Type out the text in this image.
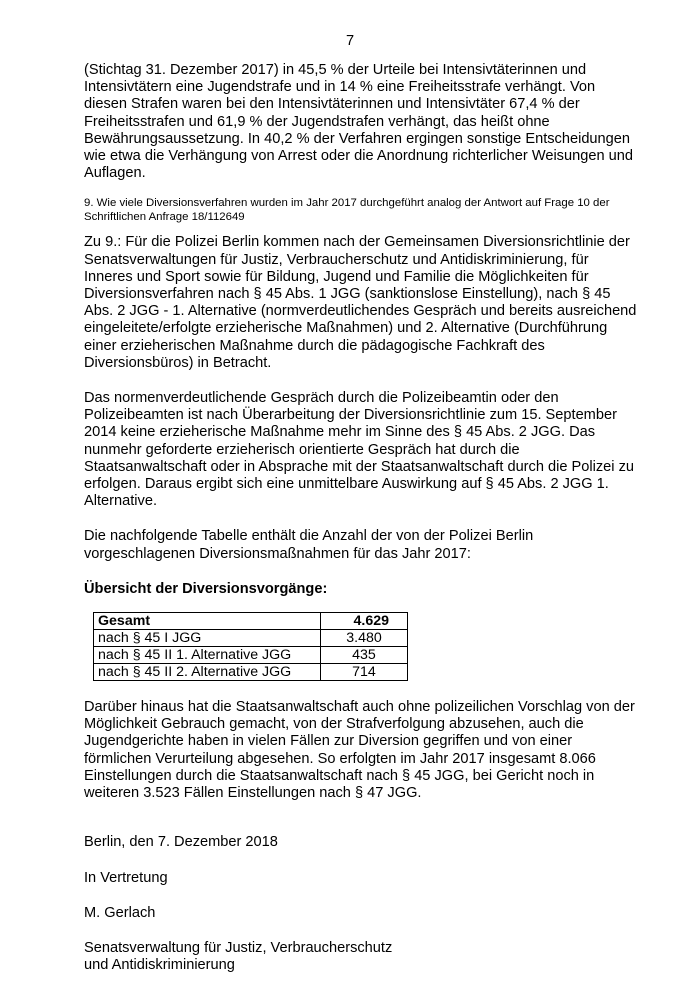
7

(Stichtag 31. Dezember 2017) in 45,5 % der Urteile bei Intensivtäterinnen und Intensivtätern eine Jugendstrafe und in 14 % eine Freiheitsstrafe verhängt. Von diesen Strafen waren bei den Intensivtäterinnen und Intensivtäter 67,4 % der Freiheitsstrafen und 61,9 % der Jugendstrafen verhängt, das heißt ohne Bewährungsaussetzung. In 40,2 % der Verfahren ergingen sonstige Entscheidungen wie etwa die Verhängung von Arrest oder die Anordnung richterlicher Weisungen und Auflagen.

9. Wie viele Diversionsverfahren wurden im Jahr 2017 durchgeführt analog der Antwort auf Frage 10 der Schriftlichen Anfrage 18/112649

Zu 9.: Für die Polizei Berlin kommen nach der Gemeinsamen Diversionsrichtlinie der Senatsverwaltungen für Justiz, Verbraucherschutz und Antidiskriminierung, für Inneres und Sport sowie für Bildung, Jugend und Familie die Möglichkeiten für Diversionsverfahren nach § 45 Abs. 1 JGG (sanktionslose Einstellung), nach § 45 Abs. 2 JGG - 1. Alternative (normverdeutlichendes Gespräch und bereits ausreichend eingeleitete/erfolgte erzieherische Maßnahmen) und 2. Alternative (Durchführung einer erzieherischen Maßnahme durch die pädagogische Fachkraft des Diversionsbüros) in Betracht.

Das normenverdeutlichende Gespräch durch die Polizeibeamtin oder den Polizeibeamten ist nach Überarbeitung der Diversionsrichtlinie zum 15. September 2014 keine erzieherische Maßnahme mehr im Sinne des § 45 Abs. 2 JGG. Das nunmehr geforderte erzieherisch orientierte Gespräch hat durch die Staatsanwaltschaft oder in Absprache mit der Staatsanwaltschaft durch die Polizei zu erfolgen. Daraus ergibt sich eine unmittelbare Auswirkung auf § 45 Abs. 2 JGG 1. Alternative.

Die nachfolgende Tabelle enthält die Anzahl der von der Polizei Berlin vorgeschlagenen Diversionsmaßnahmen für das Jahr 2017:

Übersicht der Diversionsvorgänge:

Gesamt	4.629
nach § 45 I JGG	3.480
nach § 45 II 1. Alternative JGG	435
nach § 45 II 2. Alternative JGG	714

Darüber hinaus hat die Staatsanwaltschaft auch ohne polizeilichen Vorschlag von der Möglichkeit Gebrauch gemacht, von der Strafverfolgung abzusehen, auch die Jugendgerichte haben in vielen Fällen zur Diversion gegriffen und von einer förmlichen Verurteilung abgesehen. So erfolgten im Jahr 2017 insgesamt 8.066 Einstellungen durch die Staatsanwaltschaft nach § 45 JGG, bei Gericht noch in weiteren 3.523 Fällen Einstellungen nach § 47 JGG.

Berlin, den 7. Dezember 2018

In Vertretung

M. Gerlach

Senatsverwaltung für Justiz, Verbraucherschutz

und Antidiskriminierung
